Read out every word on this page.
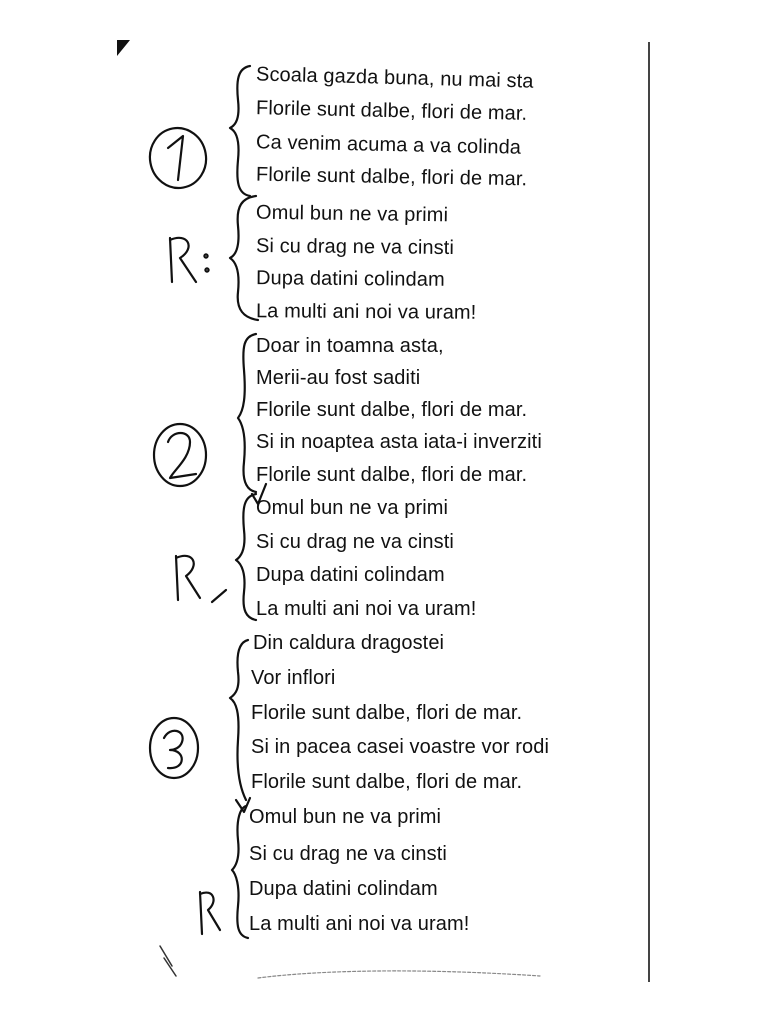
Scoala gazda buna, nu mai sta
Florile sunt dalbe, flori de mar.
Ca venim acuma a va colinda
Florile sunt dalbe, flori de mar.
Omul bun ne va primi
Si cu drag ne va cinsti
Dupa datini colindam
La multi ani noi va uram!
Doar in toamna asta,
Merii-au fost saditi
Florile sunt dalbe, flori de mar.
Si in noaptea asta iata-i inverziti
Florile sunt dalbe, flori de mar.
Omul bun ne va primi
Si cu drag ne va cinsti
Dupa datini colindam
La multi ani noi va uram!
Din caldura dragostei
Vor inflori
Florile sunt dalbe, flori de mar.
Si in pacea casei voastre vor rodi
Florile sunt dalbe, flori de mar.
Omul bun ne va primi
Si cu drag ne va cinsti
Dupa datini colindam
La multi ani noi va uram!
